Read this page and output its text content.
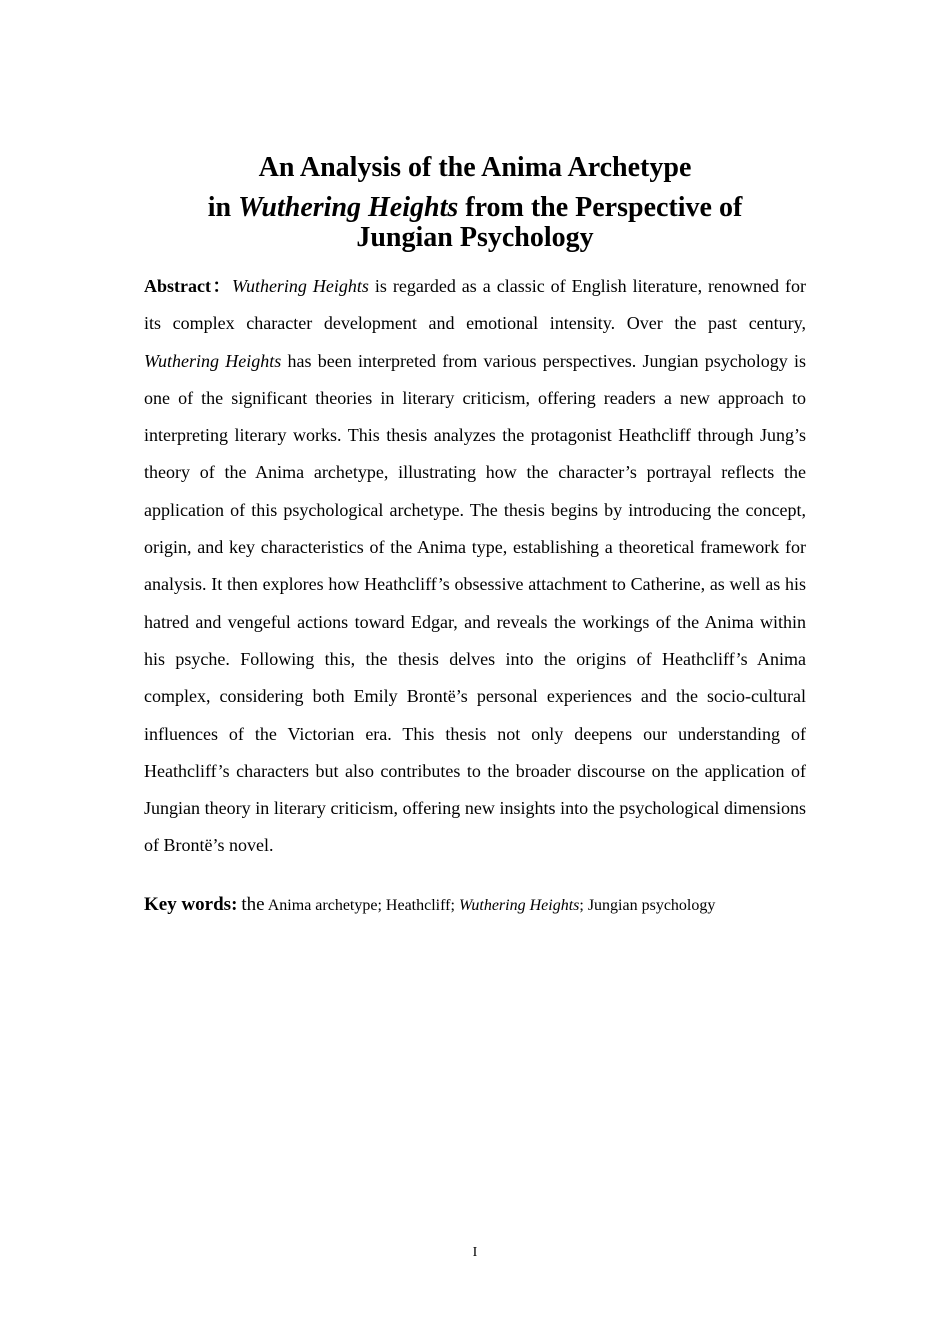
An Analysis of the Anima Archetype
in Wuthering Heights from the Perspective of
Jungian Psychology

Abstract：Wuthering Heights is regarded as a classic of English literature, renowned for its complex character development and emotional intensity. Over the past century, Wuthering Heights has been interpreted from various perspectives. Jungian psychology is one of the significant theories in literary criticism, offering readers a new approach to interpreting literary works. This thesis analyzes the protagonist Heathcliff through Jung’s theory of the Anima archetype, illustrating how the character’s portrayal reflects the application of this psychological archetype. The thesis begins by introducing the concept, origin, and key characteristics of the Anima type, establishing a theoretical framework for analysis. It then explores how Heathcliff’s obsessive attachment to Catherine, as well as his hatred and vengeful actions toward Edgar, and reveals the workings of the Anima within his psyche. Following this, the thesis delves into the origins of Heathcliff’s Anima complex, considering both Emily Brontë’s personal experiences and the socio-cultural influences of the Victorian era. This thesis not only deepens our understanding of Heathcliff’s characters but also contributes to the broader discourse on the application of Jungian theory in literary criticism, offering new insights into the psychological dimensions of Brontë’s novel.

Key words: the Anima archetype; Heathcliff; Wuthering Heights; Jungian psychology

I
